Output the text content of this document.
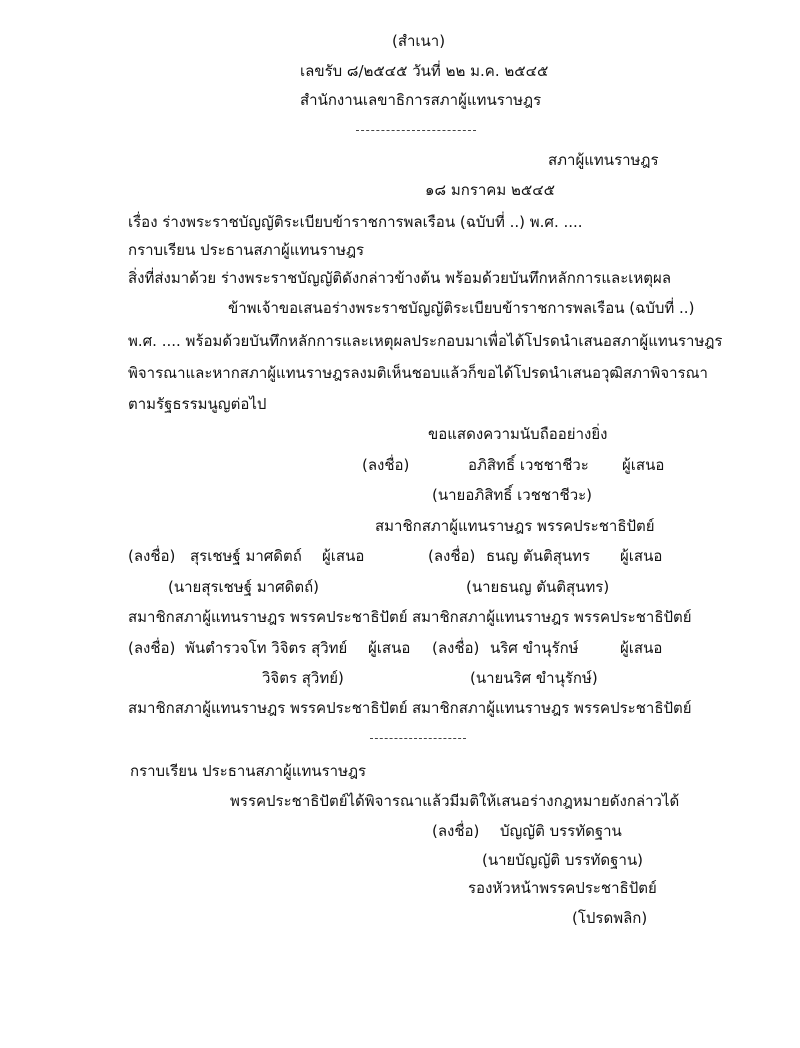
(สำเนา)
เลขรับ ๘/๒๕๔๕ วันที่ ๒๒ ม.ค. ๒๕๔๕
สำนักงานเลขาธิการสภาผู้แทนราษฎร
สภาผู้แทนราษฎร
๑๘ มกราคม ๒๕๔๕
เรื่อง ร่างพระราชบัญญัติระเบียบข้าราชการพลเรือน (ฉบับที่ ..) พ.ศ. ....
กราบเรียน ประธานสภาผู้แทนราษฎร
สิ่งที่ส่งมาด้วย ร่างพระราชบัญญัติดังกล่าวข้างต้น พร้อมด้วยบันทึกหลักการและเหตุผล
ข้าพเจ้าขอเสนอร่างพระราชบัญญัติระเบียบข้าราชการพลเรือน (ฉบับที่ ..)
พ.ศ. .... พร้อมด้วยบันทึกหลักการและเหตุผลประกอบมาเพื่อได้โปรดนำเสนอสภาผู้แทนราษฎร
พิจารณาและหากสภาผู้แทนราษฎรลงมติเห็นชอบแล้วก็ขอได้โปรดนำเสนอวุฒิสภาพิจารณา
ตามรัฐธรรมนูญต่อไป
ขอแสดงความนับถืออย่างยิ่ง
(ลงชื่อ)	อภิสิทธิ์ เวชชาชีวะ ผู้เสนอ
(นายอภิสิทธิ์ เวชชาชีวะ)
สมาชิกสภาผู้แทนราษฎร พรรคประชาธิปัตย์
(ลงชื่อ) สุรเชษฐ์ มาศดิตถ์ ผู้เสนอ	(ลงชื่อ) ธนญ ตันติสุนทร ผู้เสนอ
(นายสุรเชษฐ์ มาศดิตถ์)	(นายธนญ ตันติสุนทร)
สมาชิกสภาผู้แทนราษฎร พรรคประชาธิปัตย์ สมาชิกสภาผู้แทนราษฎร พรรคประชาธิปัตย์
(ลงชื่อ) พันตำรวจโท วิจิตร สุวิทย์ ผู้เสนอ (ลงชื่อ) นริศ ขำนุรักษ์	ผู้เสนอ
วิจิตร สุวิทย์)	(นายนริศ ขำนุรักษ์)
สมาชิกสภาผู้แทนราษฎร พรรคประชาธิปัตย์ สมาชิกสภาผู้แทนราษฎร พรรคประชาธิปัตย์
กราบเรียน ประธานสภาผู้แทนราษฎร
พรรคประชาธิปัตย์ได้พิจารณาแล้วมีมติให้เสนอร่างกฎหมายดังกล่าวได้
(ลงชื่อ) บัญญัติ บรรทัดฐาน
(นายบัญญัติ บรรทัดฐาน)
รองหัวหน้าพรรคประชาธิปัตย์
(โปรดพลิก)
